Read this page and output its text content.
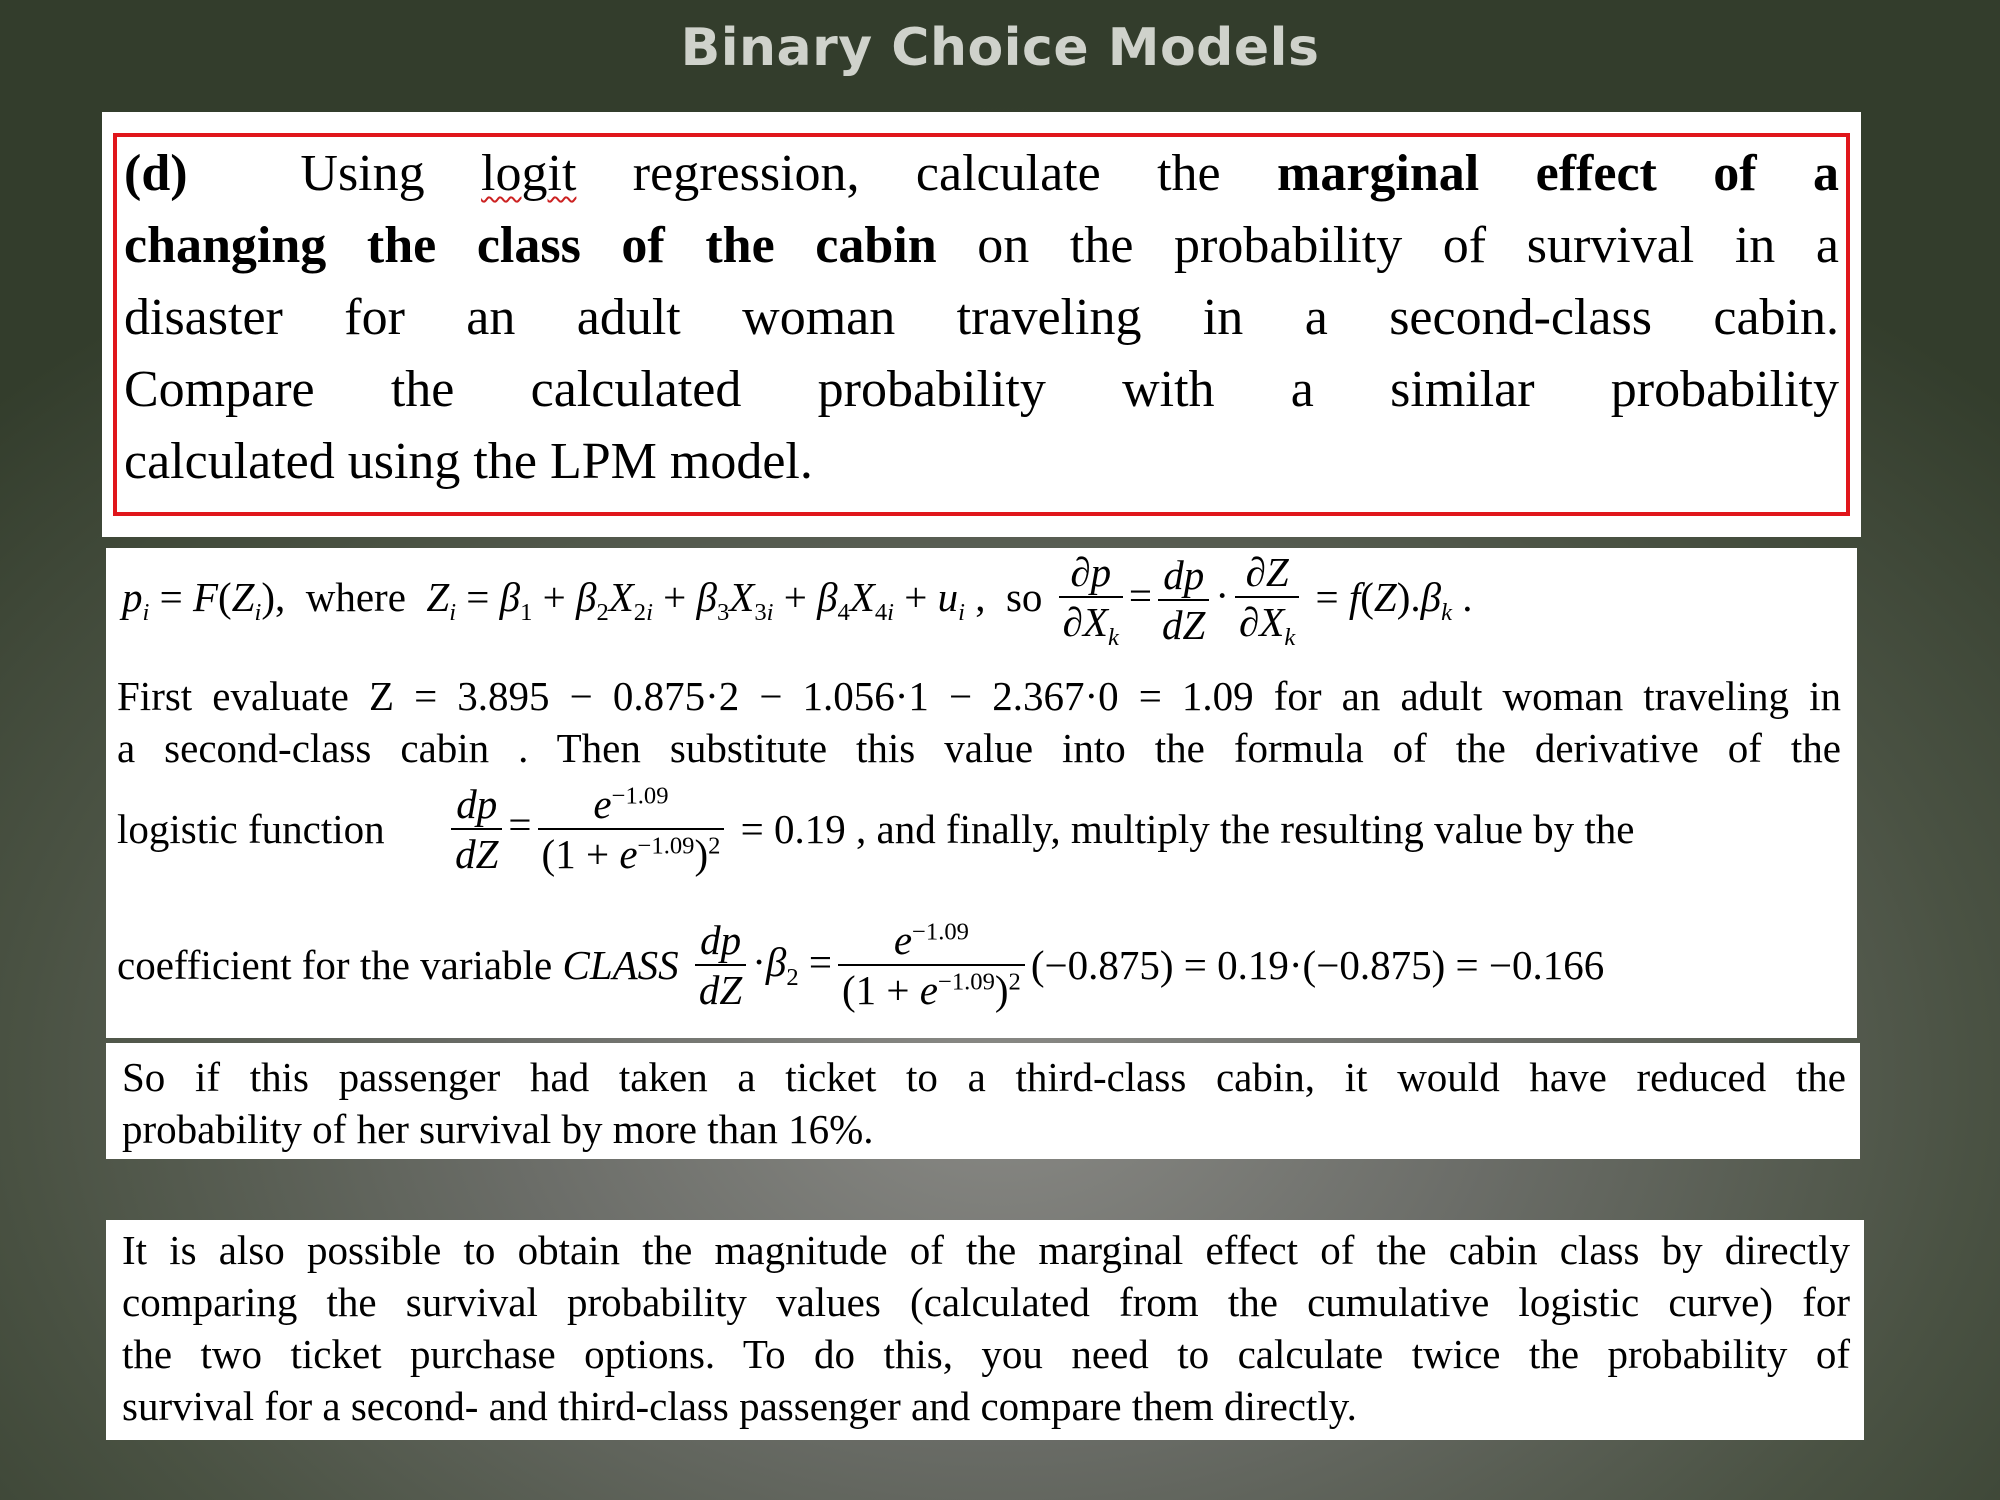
Binary Choice Models
(d)  Using logit regression, calculate the marginal effect of a
changing the class of the cabin on the probability of survival in a
disaster for an adult woman traveling in a second-class cabin.
Compare the calculated probability with a similar probability
calculated using the LPM model.
$p_i = F(Z_i)$,  where  $Z_i = \beta_1 + \beta_2X_{2i} + \beta_3X_{3i} + \beta_4X_{4i} + u_i$ ,  so $\frac{\partial p}{\partial X_k} = \frac{dp}{dZ} \cdot \frac{\partial Z}{\partial X_k} = f(Z).\beta_k$ .
First evaluate Z = 3.895 − 0.875·2 − 1.056·1 − 2.367·0 = 1.09 for an adult woman traveling in
a second-class cabin . Then substitute this value into the formula of the derivative of the
logistic function $\frac{dp}{dZ} = \frac{e^{-1.09}}{(1 + e^{-1.09})^2} = 0.19$ , and finally, multiply the resulting value by the
coefficient for the variable CLASS $\frac{dp}{dZ} \cdot\beta_2 = \frac{e^{-1.09}}{(1 + e^{-1.09})^2} (-0.875) = 0.19\cdot(-0.875) = -0.166$
So if this passenger had taken a ticket to a third-class cabin, it would have reduced the
probability of her survival by more than 16%.
It is also possible to obtain the magnitude of the marginal effect of the cabin class by directly
comparing the survival probability values (calculated from the cumulative logistic curve) for
the two ticket purchase options. To do this, you need to calculate twice the probability of
survival for a second- and third-class passenger and compare them directly.
